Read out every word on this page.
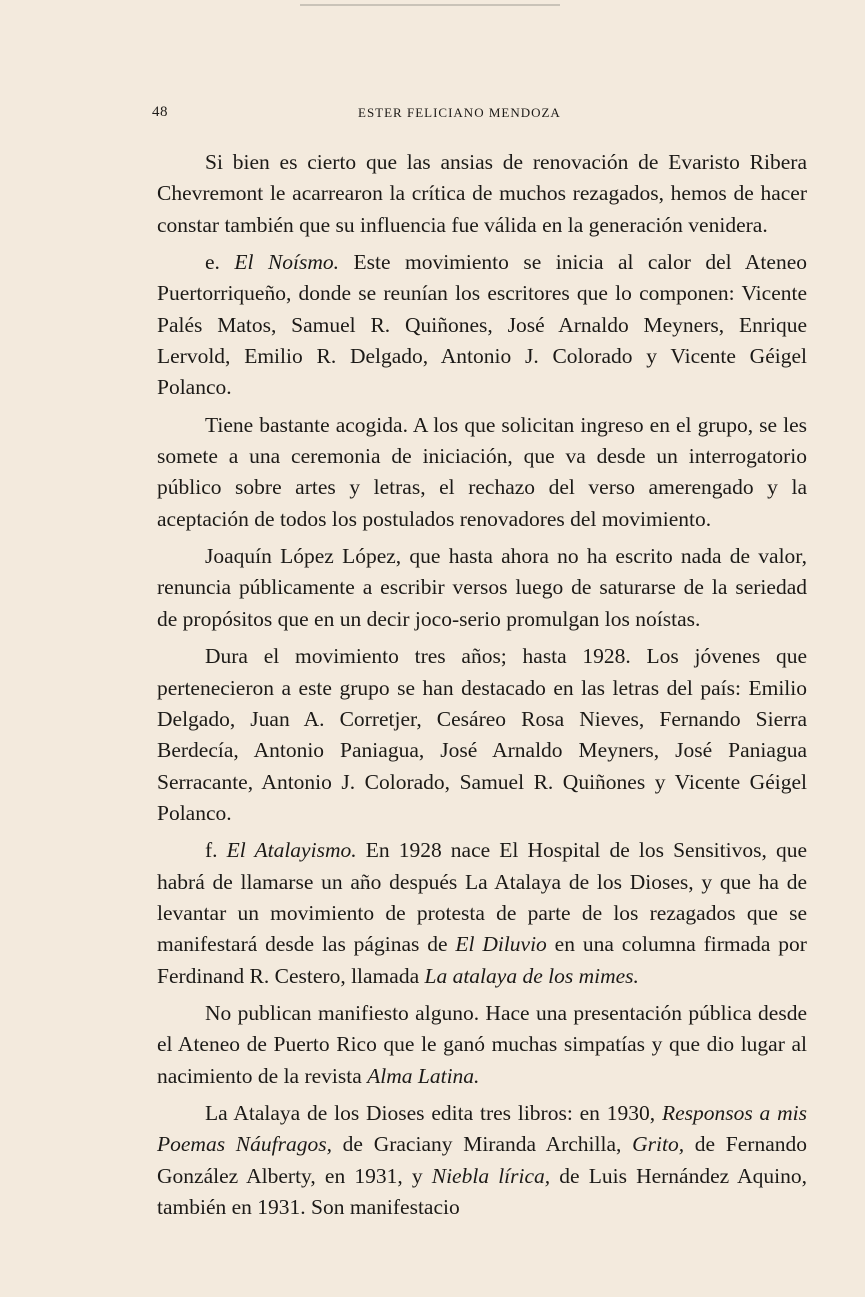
48	ESTER FELICIANO MENDOZA

Si bien es cierto que las ansias de renovación de Evaristo Ribera Chevremont le acarrearon la crítica de muchos rezagados, hemos de hacer constar también que su influencia fue válida en la generación venidera.

e. El Noísmo. Este movimiento se inicia al calor del Ateneo Puertorriqueño, donde se reunían los escritores que lo componen: Vicente Palés Matos, Samuel R. Quiñones, José Arnaldo Meyners, Enrique Lervold, Emilio R. Delgado, Antonio J. Colorado y Vicente Géigel Polanco.

Tiene bastante acogida. A los que solicitan ingreso en el grupo, se les somete a una ceremonia de iniciación, que va desde un interrogatorio público sobre artes y letras, el rechazo del verso amerengado y la aceptación de todos los postulados renovadores del movimiento.

Joaquín López López, que hasta ahora no ha escrito nada de valor, renuncia públicamente a escribir versos luego de saturarse de la seriedad de propósitos que en un decir joco-serio promulgan los noístas.

Dura el movimiento tres años; hasta 1928. Los jóvenes que pertenecieron a este grupo se han destacado en las letras del país: Emilio Delgado, Juan A. Corretjer, Cesáreo Rosa Nieves, Fernando Sierra Berdecía, Antonio Paniagua, José Arnaldo Meyners, José Paniagua Serracante, Antonio J. Colorado, Samuel R. Quiñones y Vicente Géigel Polanco.

f. El Atalayismo. En 1928 nace El Hospital de los Sensitivos, que habrá de llamarse un año después La Atalaya de los Dioses, y que ha de levantar un movimiento de protesta de parte de los rezagados que se manifestará desde las páginas de El Diluvio en una columna firmada por Ferdinand R. Cestero, llamada La atalaya de los mimes.

No publican manifiesto alguno. Hace una presentación pública desde el Ateneo de Puerto Rico que le ganó muchas simpatías y que dio lugar al nacimiento de la revista Alma Latina.

La Atalaya de los Dioses edita tres libros: en 1930, Responsos a mis Poemas Náufragos, de Graciany Miranda Archilla, Grito, de Fernando González Alberty, en 1931, y Niebla lírica, de Luis Hernández Aquino, también en 1931. Son manifestacio
